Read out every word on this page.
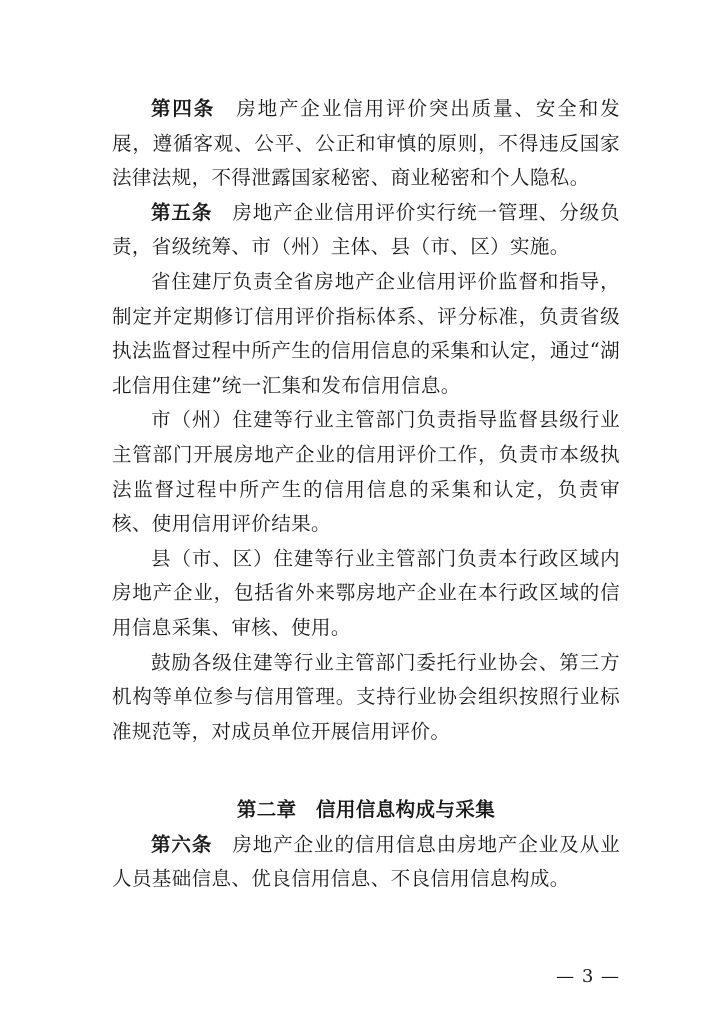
第四条 房地产企业信用评价突出质量、安全和发展，遵循客观、公平、公正和审慎的原则，不得违反国家法律法规，不得泄露国家秘密、商业秘密和个人隐私。

第五条 房地产企业信用评价实行统一管理、分级负责，省级统筹、市（州）主体、县（市、区）实施。

省住建厅负责全省房地产企业信用评价监督和指导，制定并定期修订信用评价指标体系、评分标准，负责省级执法监督过程中所产生的信用信息的采集和认定，通过“湖北信用住建”统一汇集和发布信用信息。

市（州）住建等行业主管部门负责指导监督县级行业主管部门开展房地产企业的信用评价工作，负责市本级执法监督过程中所产生的信用信息的采集和认定，负责审核、使用信用评价结果。

县（市、区）住建等行业主管部门负责本行政区域内房地产企业，包括省外来鄂房地产企业在本行政区域的信用信息采集、审核、使用。

鼓励各级住建等行业主管部门委托行业协会、第三方机构等单位参与信用管理。支持行业协会组织按照行业标准规范等，对成员单位开展信用评价。

第二章 信用信息构成与采集

第六条 房地产企业的信用信息由房地产企业及从业人员基础信息、优良信用信息、不良信用信息构成。

— 3 —
